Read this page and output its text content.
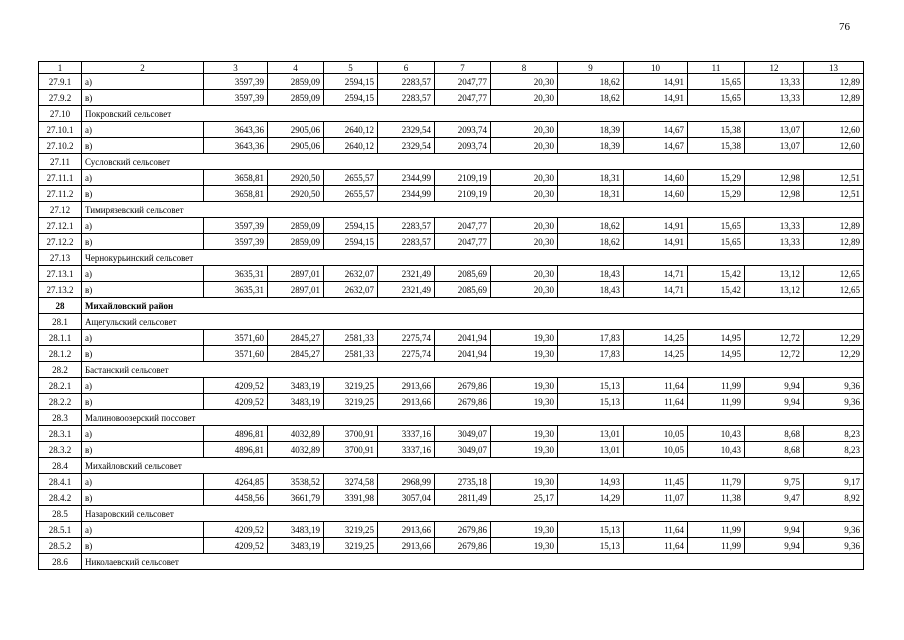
76
1	2	3	4	5	6	7	8	9	10	11	12	13
27.9.1	а)	3597,39	2859,09	2594,15	2283,57	2047,77	20,30	18,62	14,91	15,65	13,33	12,89
27.9.2	в)	3597,39	2859,09	2594,15	2283,57	2047,77	20,30	18,62	14,91	15,65	13,33	12,89
27.10	Покровский сельсовет											
27.10.1	а)	3643,36	2905,06	2640,12	2329,54	2093,74	20,30	18,39	14,67	15,38	13,07	12,60
27.10.2	в)	3643,36	2905,06	2640,12	2329,54	2093,74	20,30	18,39	14,67	15,38	13,07	12,60
27.11	Сусловский сельсовет											
27.11.1	а)	3658,81	2920,50	2655,57	2344,99	2109,19	20,30	18,31	14,60	15,29	12,98	12,51
27.11.2	в)	3658,81	2920,50	2655,57	2344,99	2109,19	20,30	18,31	14,60	15,29	12,98	12,51
27.12	Тимирязевский сельсовет											
27.12.1	а)	3597,39	2859,09	2594,15	2283,57	2047,77	20,30	18,62	14,91	15,65	13,33	12,89
27.12.2	в)	3597,39	2859,09	2594,15	2283,57	2047,77	20,30	18,62	14,91	15,65	13,33	12,89
27.13	Чернокурьинский сельсовет											
27.13.1	а)	3635,31	2897,01	2632,07	2321,49	2085,69	20,30	18,43	14,71	15,42	13,12	12,65
27.13.2	в)	3635,31	2897,01	2632,07	2321,49	2085,69	20,30	18,43	14,71	15,42	13,12	12,65
28	Михайловский район											
28.1	Ащегульский сельсовет											
28.1.1	а)	3571,60	2845,27	2581,33	2275,74	2041,94	19,30	17,83	14,25	14,95	12,72	12,29
28.1.2	в)	3571,60	2845,27	2581,33	2275,74	2041,94	19,30	17,83	14,25	14,95	12,72	12,29
28.2	Бастанский сельсовет											
28.2.1	а)	4209,52	3483,19	3219,25	2913,66	2679,86	19,30	15,13	11,64	11,99	9,94	9,36
28.2.2	в)	4209,52	3483,19	3219,25	2913,66	2679,86	19,30	15,13	11,64	11,99	9,94	9,36
28.3	Малиновоозерский поссовет											
28.3.1	а)	4896,81	4032,89	3700,91	3337,16	3049,07	19,30	13,01	10,05	10,43	8,68	8,23
28.3.2	в)	4896,81	4032,89	3700,91	3337,16	3049,07	19,30	13,01	10,05	10,43	8,68	8,23
28.4	Михайловский сельсовет											
28.4.1	а)	4264,85	3538,52	3274,58	2968,99	2735,18	19,30	14,93	11,45	11,79	9,75	9,17
28.4.2	в)	4458,56	3661,79	3391,98	3057,04	2811,49	25,17	14,29	11,07	11,38	9,47	8,92
28.5	Назаровский сельсовет											
28.5.1	а)	4209,52	3483,19	3219,25	2913,66	2679,86	19,30	15,13	11,64	11,99	9,94	9,36
28.5.2	в)	4209,52	3483,19	3219,25	2913,66	2679,86	19,30	15,13	11,64	11,99	9,94	9,36
28.6	Николаевский сельсовет											
